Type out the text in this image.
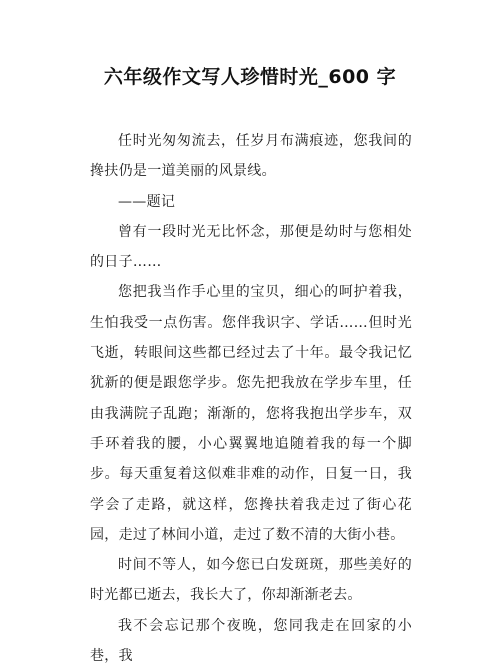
六年级作文写人珍惜时光_600 字

任时光匆匆流去，任岁月布满痕迹，您我间的搀扶仍是一道美丽的风景线。

——题记

曾有一段时光无比怀念，那便是幼时与您相处的日子……

您把我当作手心里的宝贝，细心的呵护着我，生怕我受一点伤害。您伴我识字、学话……但时光飞逝，转眼间这些都已经过去了十年。最令我记忆犹新的便是跟您学步。您先把我放在学步车里，任由我满院子乱跑；渐渐的，您将我抱出学步车，双手环着我的腰，小心翼翼地追随着我的每一个脚步。每天重复着这似难非难的动作，日复一日，我学会了走路，就这样，您搀扶着我走过了街心花园，走过了林间小道，走过了数不清的大街小巷。

时间不等人，如今您已白发斑斑，那些美好的时光都已逝去，我长大了，你却渐渐老去。

我不会忘记那个夜晚，您同我走在回家的小巷，我
